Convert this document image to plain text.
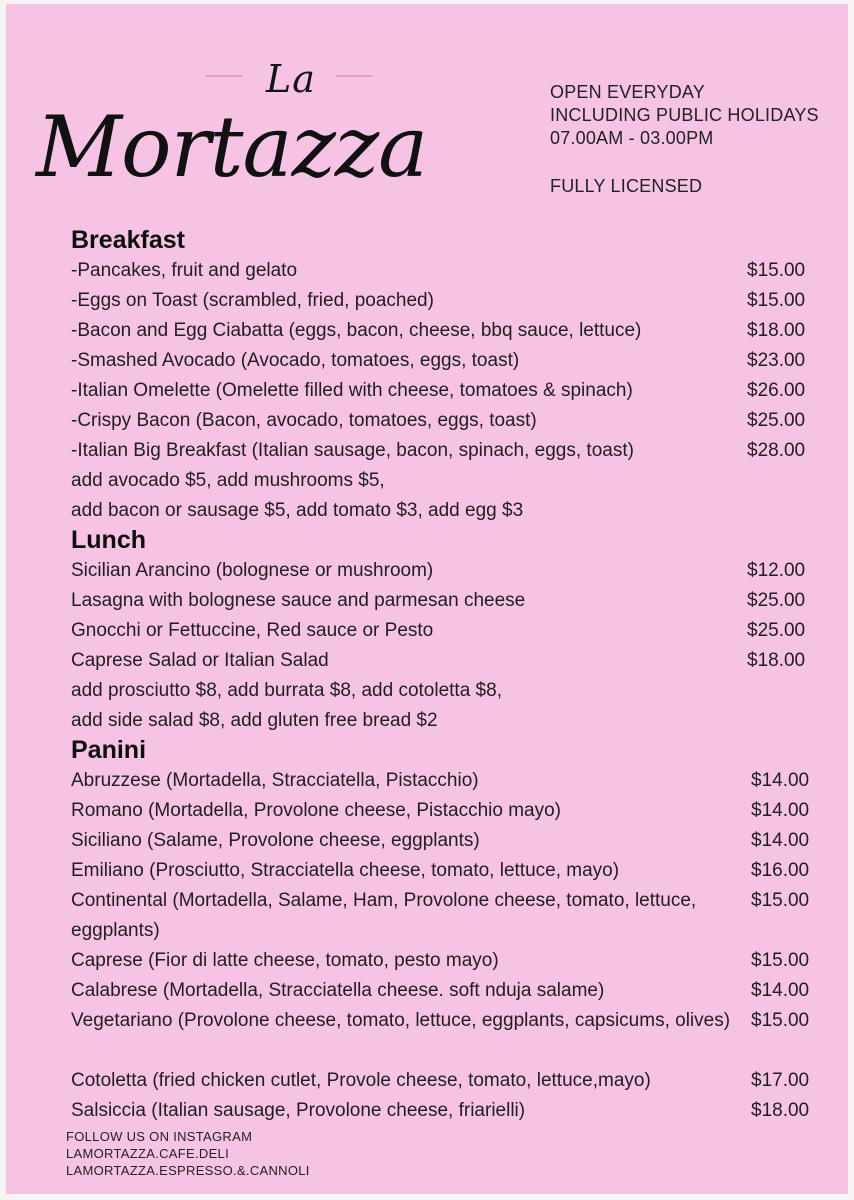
La
Mortazza
OPEN EVERYDAY
INCLUDING PUBLIC HOLIDAYS
07.00AM - 03.00PM
FULLY LICENSED
Breakfast
-Pancakes, fruit and gelato	$15.00
-Eggs on Toast (scrambled, fried, poached)	$15.00
-Bacon and Egg Ciabatta (eggs, bacon, cheese, bbq sauce, lettuce)	$18.00
-Smashed Avocado (Avocado, tomatoes, eggs, toast)	$23.00
-Italian Omelette (Omelette filled with cheese, tomatoes & spinach)	$26.00
-Crispy Bacon (Bacon, avocado, tomatoes, eggs, toast)	$25.00
-Italian Big Breakfast (Italian sausage, bacon, spinach, eggs, toast)	$28.00
add avocado $5, add mushrooms $5,
add bacon or sausage $5, add tomato $3, add egg $3
Lunch
Sicilian Arancino (bolognese or mushroom)	$12.00
Lasagna with bolognese sauce and parmesan cheese	$25.00
Gnocchi or Fettuccine, Red sauce or Pesto	$25.00
Caprese Salad or Italian Salad	$18.00
add prosciutto $8, add burrata $8, add cotoletta $8,
add side salad $8, add gluten free bread $2
Panini
Abruzzese (Mortadella, Stracciatella, Pistacchio)	$14.00
Romano (Mortadella, Provolone cheese, Pistacchio mayo)	$14.00
Siciliano (Salame, Provolone cheese, eggplants)	$14.00
Emiliano (Prosciutto, Stracciatella cheese, tomato, lettuce, mayo)	$16.00
Continental (Mortadella, Salame, Ham, Provolone cheese, tomato, lettuce, eggplants)
$15.00
Caprese (Fior di latte cheese, tomato, pesto mayo)	$15.00
Calabrese (Mortadella, Stracciatella cheese. soft nduja salame)	$14.00
Vegetariano (Provolone cheese, tomato, lettuce, eggplants, capsicums, olives)	$15.00
Cotoletta (fried chicken cutlet, Provole cheese, tomato, lettuce,mayo)	$17.00
Salsiccia (Italian sausage, Provolone cheese, friarielli)	$18.00
FOLLOW US ON INSTAGRAM
LAMORTAZZA.CAFE.DELI
LAMORTAZZA.ESPRESSO.&.CANNOLI
